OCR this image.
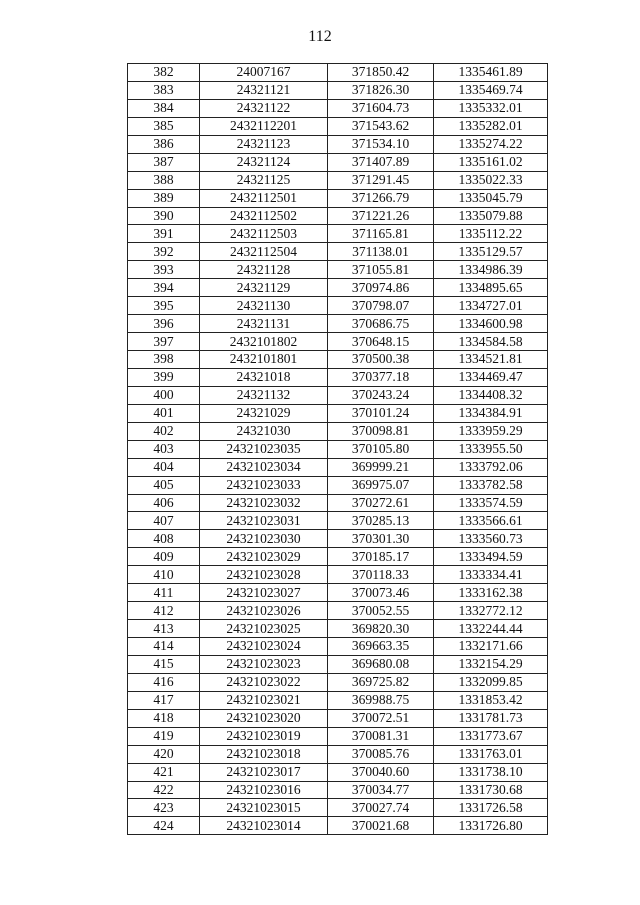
112
382	24007167	371850.42	1335461.89
383	24321121	371826.30	1335469.74
384	24321122	371604.73	1335332.01
385	2432112201	371543.62	1335282.01
386	24321123	371534.10	1335274.22
387	24321124	371407.89	1335161.02
388	24321125	371291.45	1335022.33
389	2432112501	371266.79	1335045.79
390	2432112502	371221.26	1335079.88
391	2432112503	371165.81	1335112.22
392	2432112504	371138.01	1335129.57
393	24321128	371055.81	1334986.39
394	24321129	370974.86	1334895.65
395	24321130	370798.07	1334727.01
396	24321131	370686.75	1334600.98
397	2432101802	370648.15	1334584.58
398	2432101801	370500.38	1334521.81
399	24321018	370377.18	1334469.47
400	24321132	370243.24	1334408.32
401	24321029	370101.24	1334384.91
402	24321030	370098.81	1333959.29
403	24321023035	370105.80	1333955.50
404	24321023034	369999.21	1333792.06
405	24321023033	369975.07	1333782.58
406	24321023032	370272.61	1333574.59
407	24321023031	370285.13	1333566.61
408	24321023030	370301.30	1333560.73
409	24321023029	370185.17	1333494.59
410	24321023028	370118.33	1333334.41
411	24321023027	370073.46	1333162.38
412	24321023026	370052.55	1332772.12
413	24321023025	369820.30	1332244.44
414	24321023024	369663.35	1332171.66
415	24321023023	369680.08	1332154.29
416	24321023022	369725.82	1332099.85
417	24321023021	369988.75	1331853.42
418	24321023020	370072.51	1331781.73
419	24321023019	370081.31	1331773.67
420	24321023018	370085.76	1331763.01
421	24321023017	370040.60	1331738.10
422	24321023016	370034.77	1331730.68
423	24321023015	370027.74	1331726.58
424	24321023014	370021.68	1331726.80
